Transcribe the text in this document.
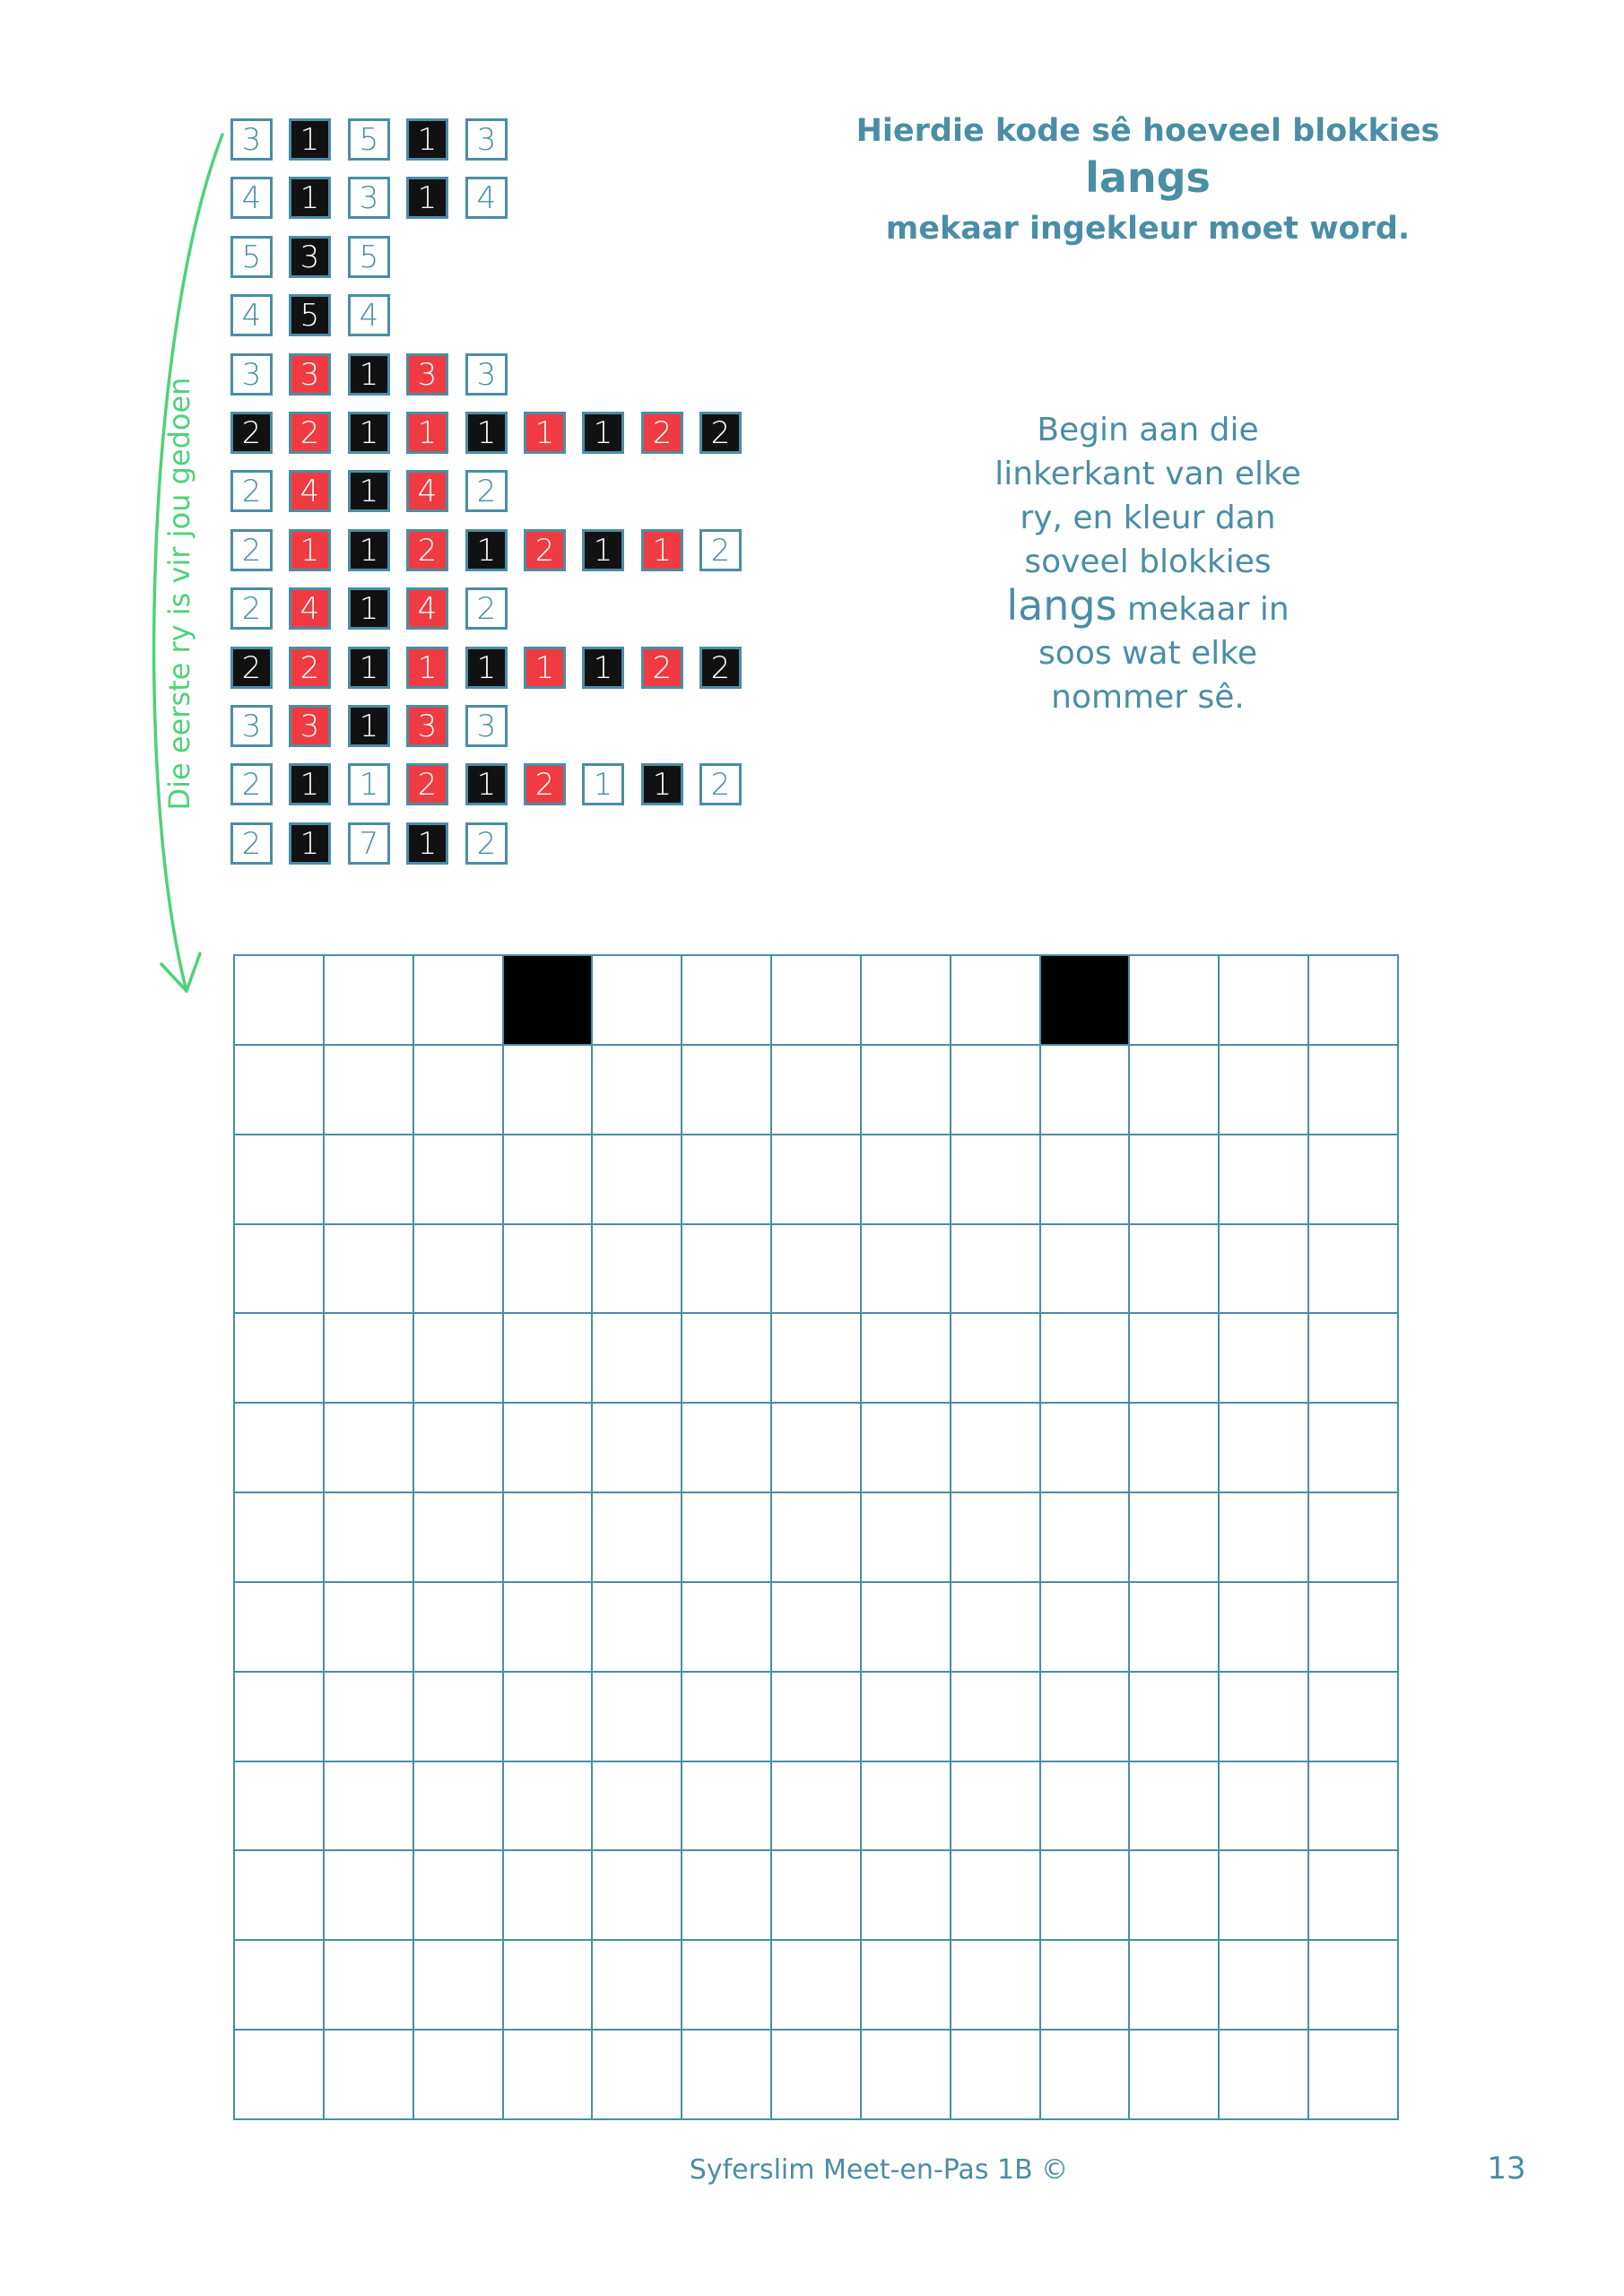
3	1	5	1	3
4	1	3	1	4
5	3	5
4	5	4
3	3	1	3	3
2	2	1	1	1	1	1	2	2
2	4	1	4	2
2	1	1	2	1	2	1	1	2
2	4	1	4	2
2	2	1	1	1	1	1	2	2
3	3	1	3	3
2	1	1	2	1	2	1	1	2
2	1	7	1	2
Die eerste ry is vir jou gedoen
Hierdie kode sê hoeveel blokkies langs
mekaar ingekleur moet word.
Begin aan die
linkerkant van elke
ry, en kleur dan
soveel blokkies
langs mekaar in
soos wat elke
nommer sê.
Syferslim Meet-en-Pas 1B ©	13
